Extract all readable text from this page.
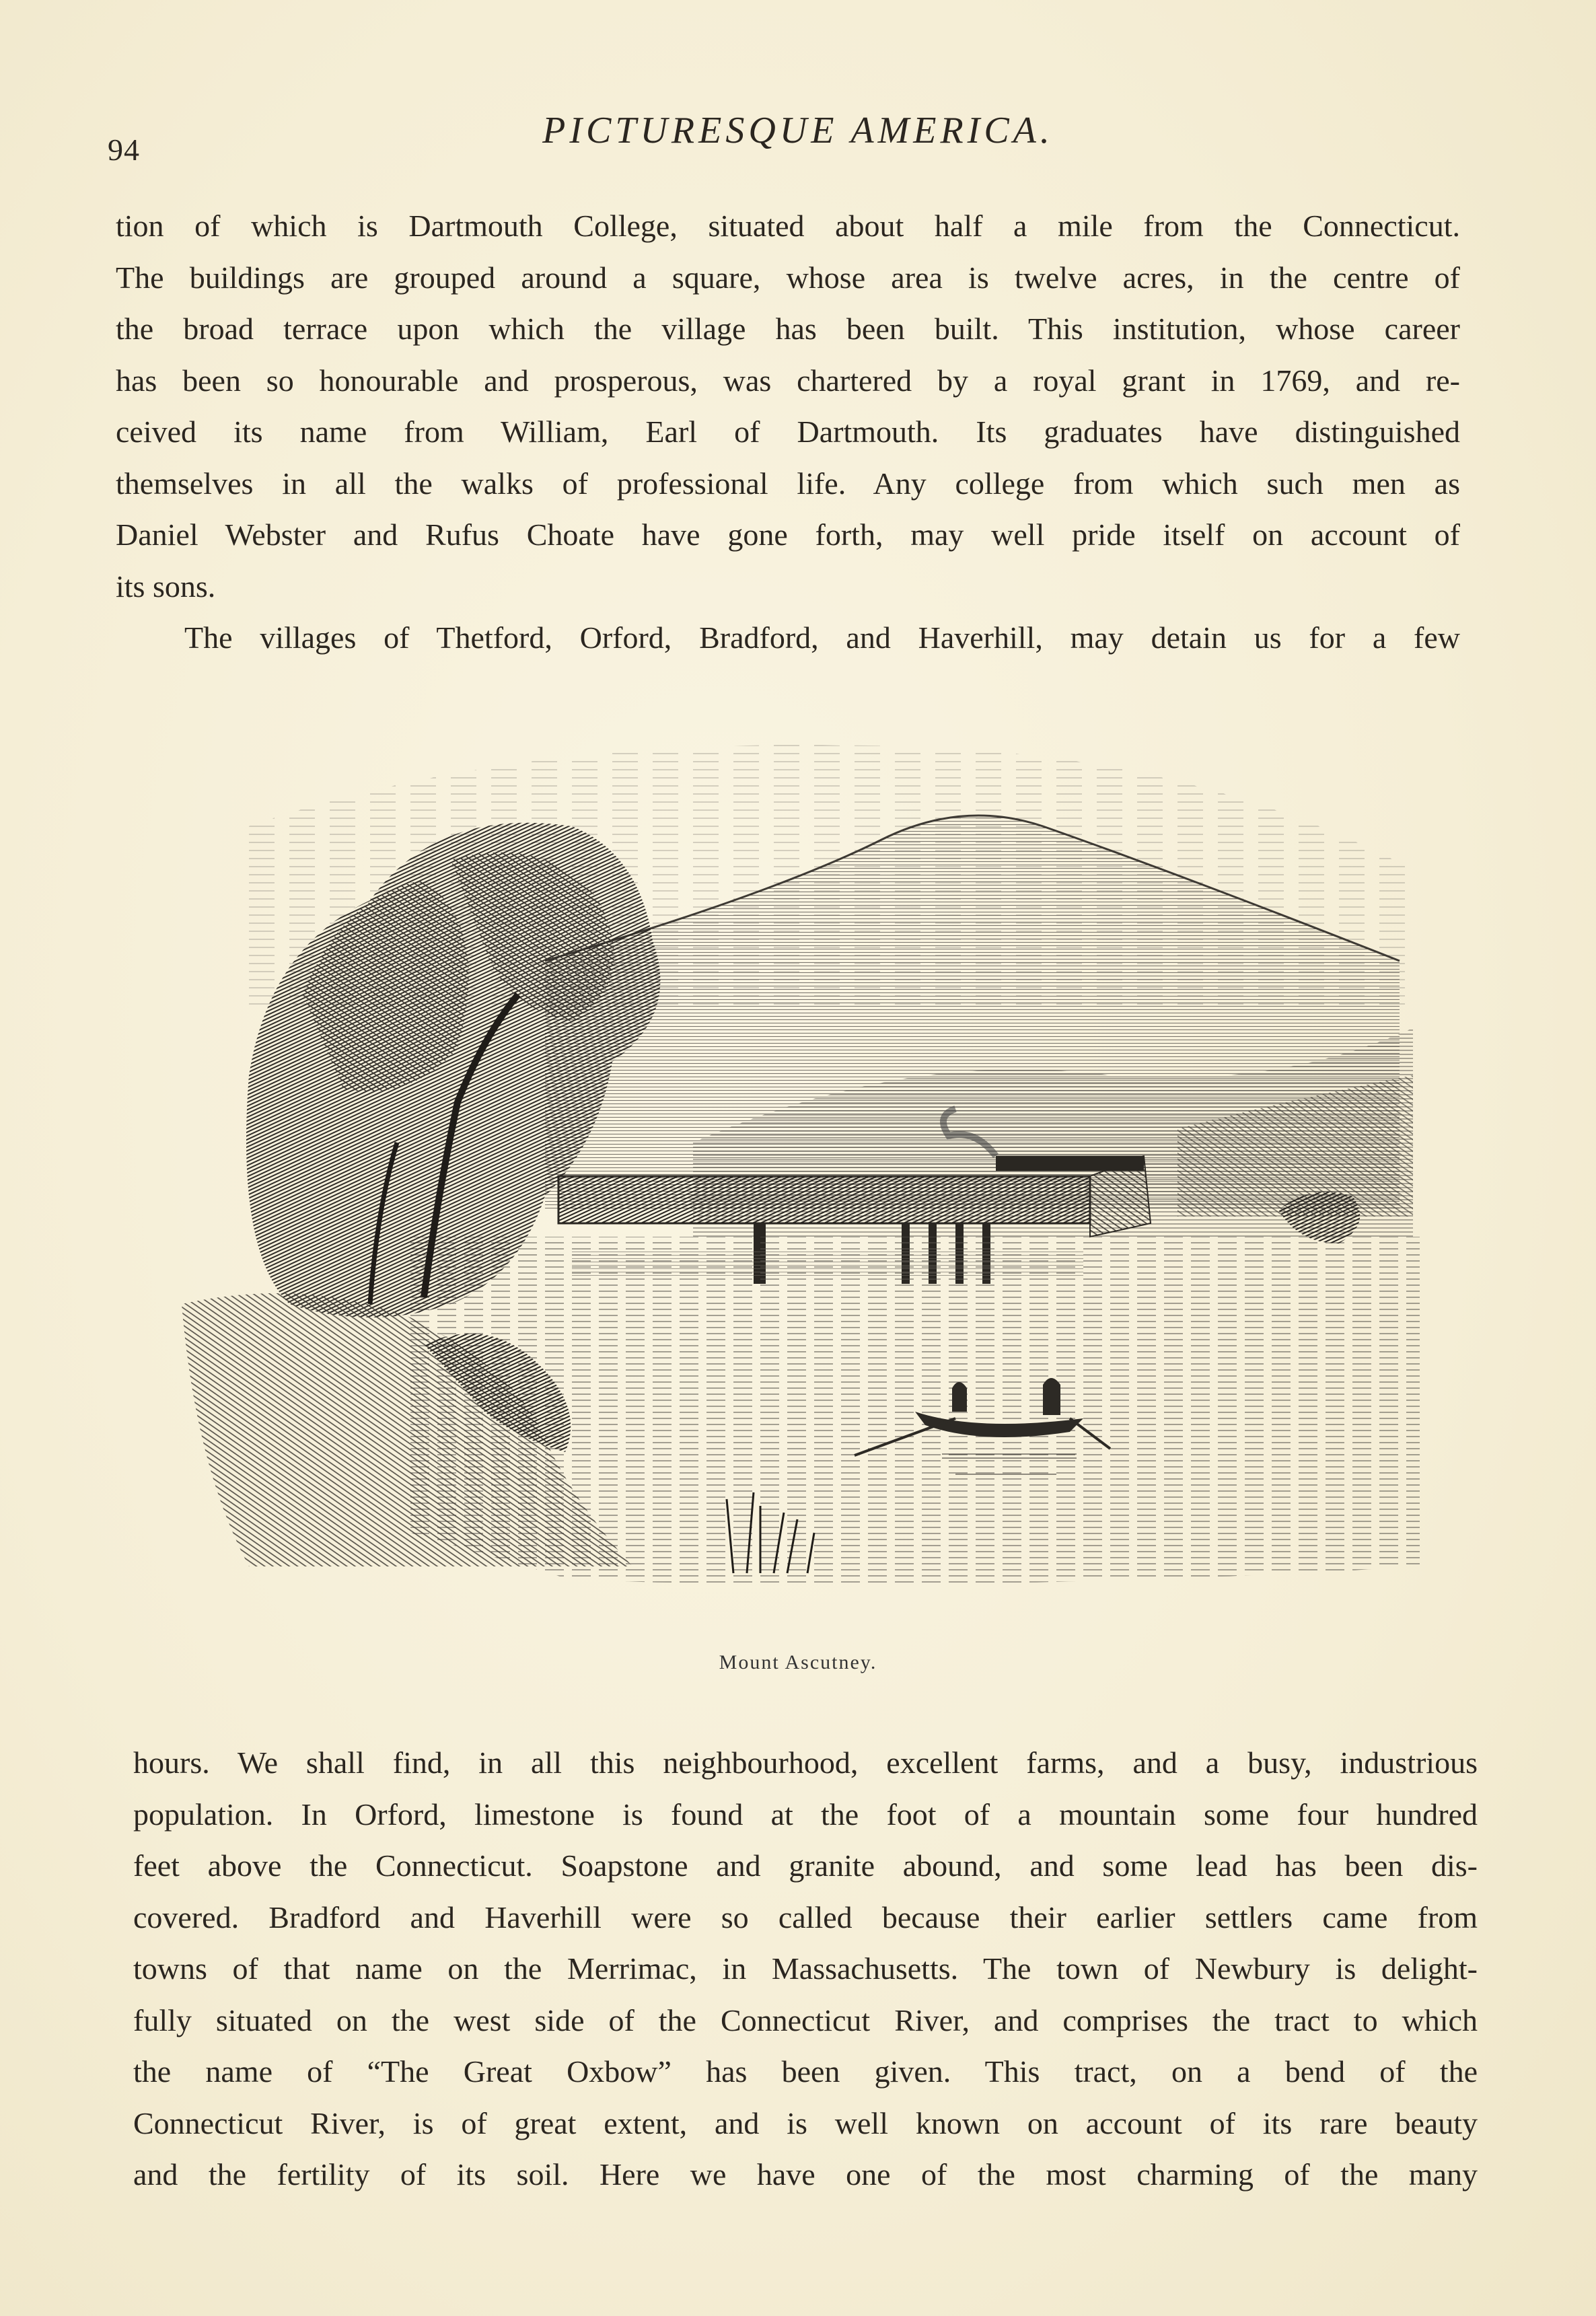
94	PICTURESQUE AMERICA.
tion of which is Dartmouth College, situated about half a mile from the Connecticut.
The buildings are grouped around a square, whose area is twelve acres, in the centre of
the broad terrace upon which the village has been built. This institution, whose career
has been so honourable and prosperous, was chartered by a royal grant in 1769, and re-
ceived its name from William, Earl of Dartmouth. Its graduates have distinguished
themselves in all the walks of professional life. Any college from which such men as
Daniel Webster and Rufus Choate have gone forth, may well pride itself on account of
its sons.
The villages of Thetford, Orford, Bradford, and Haverhill, may detain us for a few
Mount Ascutney.
hours. We shall find, in all this neighbourhood, excellent farms, and a busy, industrious
population. In Orford, limestone is found at the foot of a mountain some four hundred
feet above the Connecticut. Soapstone and granite abound, and some lead has been dis-
covered. Bradford and Haverhill were so called because their earlier settlers came from
towns of that name on the Merrimac, in Massachusetts. The town of Newbury is delight-
fully situated on the west side of the Connecticut River, and comprises the tract to which
the name of “The Great Oxbow” has been given. This tract, on a bend of the
Connecticut River, is of great extent, and is well known on account of its rare beauty
and the fertility of its soil. Here we have one of the most charming of the many
